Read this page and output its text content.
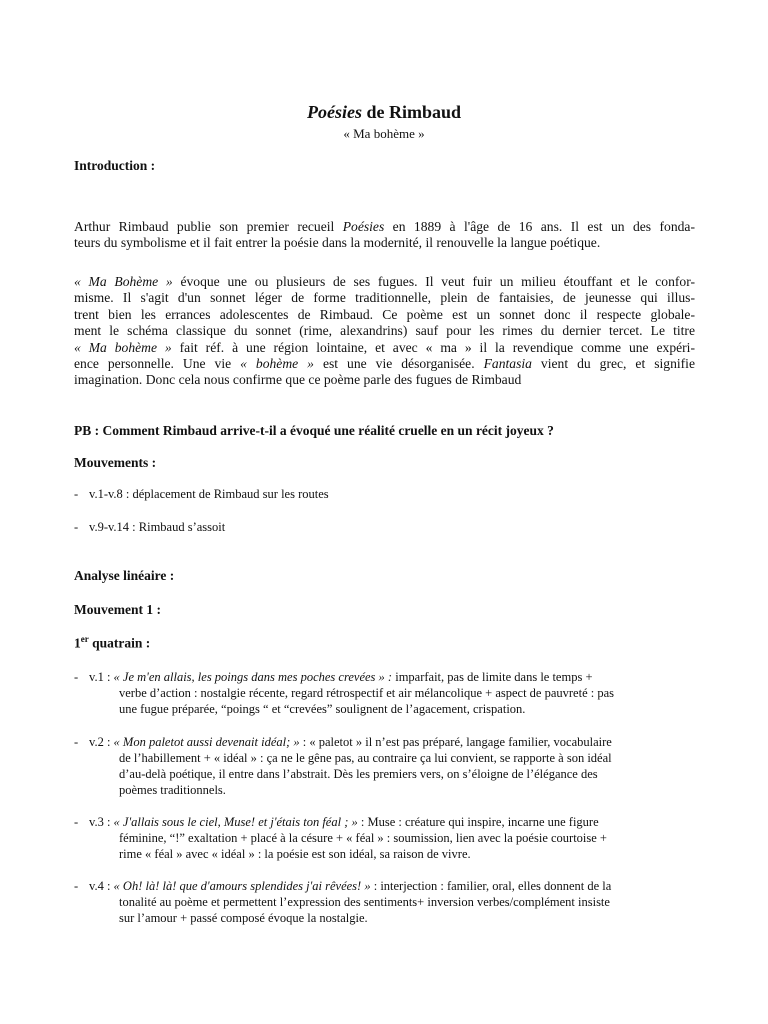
Poésies de Rimbaud
« Ma bohème »
Introduction :
Arthur Rimbaud publie son premier recueil Poésies en 1889 à l'âge de 16 ans. Il est un des fonda-
teurs du symbolisme et il fait entrer la poésie dans la modernité, il renouvelle la langue poétique.
« Ma Bohème » évoque une ou plusieurs de ses fugues. Il veut fuir un milieu étouffant et le confor-
misme. Il s'agit d'un sonnet léger de forme traditionnelle, plein de fantaisies, de jeunesse qui illus-
trent bien les errances adolescentes de Rimbaud. Ce poème est un sonnet donc il respecte globale-
ment le schéma classique du sonnet (rime, alexandrins) sauf pour les rimes du dernier tercet. Le titre
« Ma bohème » fait réf. à une région lointaine, et avec « ma » il la revendique comme une expéri-
ence personnelle. Une vie « bohème » est une vie désorganisée. Fantasia vient du grec, et signifie
imagination. Donc cela nous confirme que ce poème parle des fugues de Rimbaud
PB : Comment Rimbaud arrive-t-il a évoqué une réalité cruelle en un récit joyeux ?
Mouvements :
- v.1-v.8 : déplacement de Rimbaud sur les routes
- v.9-v.14 : Rimbaud s’assoit
Analyse linéaire :
Mouvement 1 :
1er quatrain :
- v.1 : « Je m'en allais, les poings dans mes poches crevées » : imparfait, pas de limite dans le temps +
verbe d’action : nostalgie récente, regard rétrospectif et air mélancolique + aspect de pauvreté : pas
une fugue préparée, “poings “ et “crevées” soulignent de l’agacement, crispation.
- v.2 : « Mon paletot aussi devenait idéal; » : « paletot » il n’est pas préparé, langage familier, vocabulaire
de l’habillement + « idéal » : ça ne le gêne pas, au contraire ça lui convient, se rapporte à son idéal
d’au-delà poétique, il entre dans l’abstrait. Dès les premiers vers, on s’éloigne de l’élégance des
poèmes traditionnels.
- v.3 : « J'allais sous le ciel, Muse! et j'étais ton féal ; » : Muse : créature qui inspire, incarne une figure
féminine, “!” exaltation + placé à la césure + « féal » : soumission, lien avec la poésie courtoise +
rime « féal » avec « idéal » : la poésie est son idéal, sa raison de vivre.
- v.4 : « Oh! là! là! que d'amours splendides j'ai rêvées! » : interjection : familier, oral, elles donnent de la
tonalité au poème et permettent l’expression des sentiments+ inversion verbes/complément insiste
sur l’amour + passé composé évoque la nostalgie.
